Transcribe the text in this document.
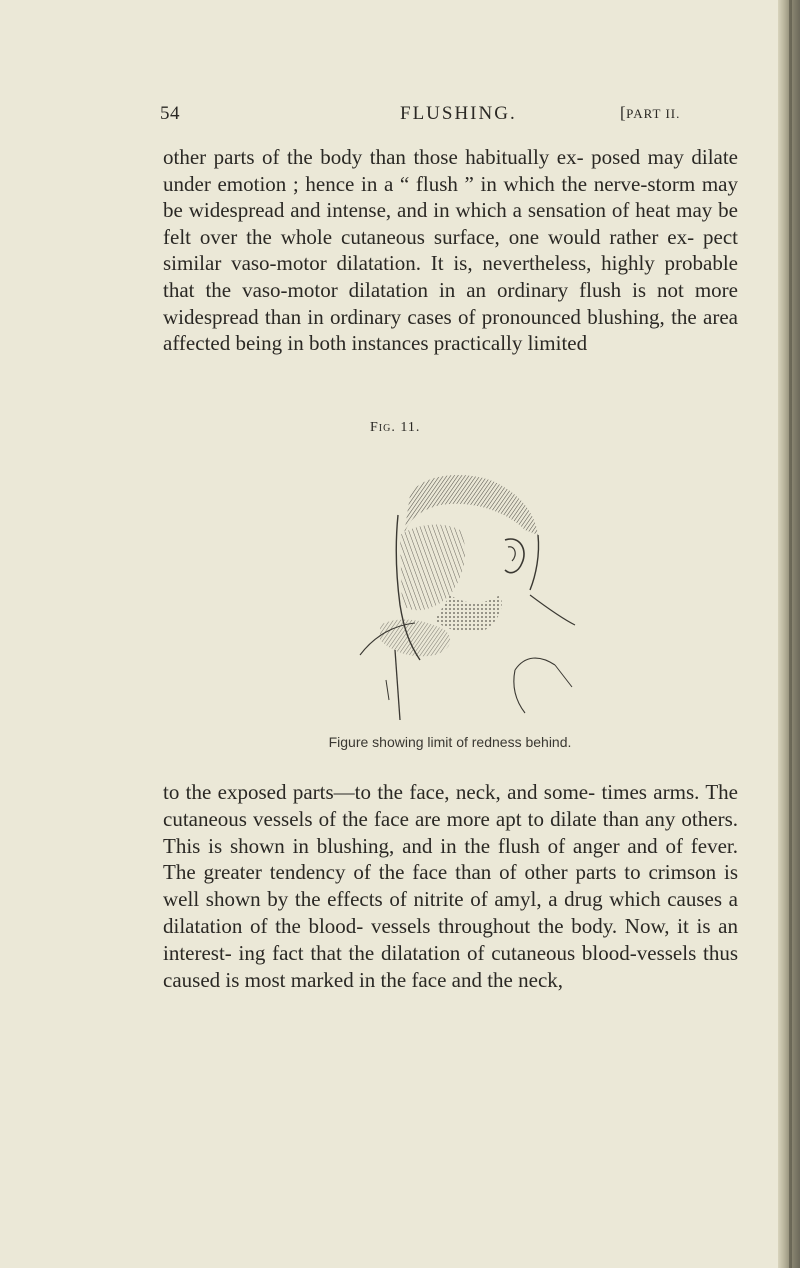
54	FLUSHING.	[PART II.

other parts of the body than those habitually ex- posed may dilate under emotion ; hence in a “ flush ” in which the nerve-storm may be widespread and intense, and in which a sensation of heat may be felt over the whole cutaneous surface, one would rather ex- pect similar vaso-motor dilatation. It is, nevertheless, highly probable that the vaso-motor dilatation in an ordinary flush is not more widespread than in ordinary cases of pronounced blushing, the area affected being in both instances practically limited

Fig. 11.
Figure showing limit of redness behind.

to the exposed parts—to the face, neck, and some- times arms. The cutaneous vessels of the face are more apt to dilate than any others. This is shown in blushing, and in the flush of anger and of fever. The greater tendency of the face than of other parts to crimson is well shown by the effects of nitrite of amyl, a drug which causes a dilatation of the blood- vessels throughout the body. Now, it is an interest- ing fact that the dilatation of cutaneous blood-vessels thus caused is most marked in the face and the neck,
